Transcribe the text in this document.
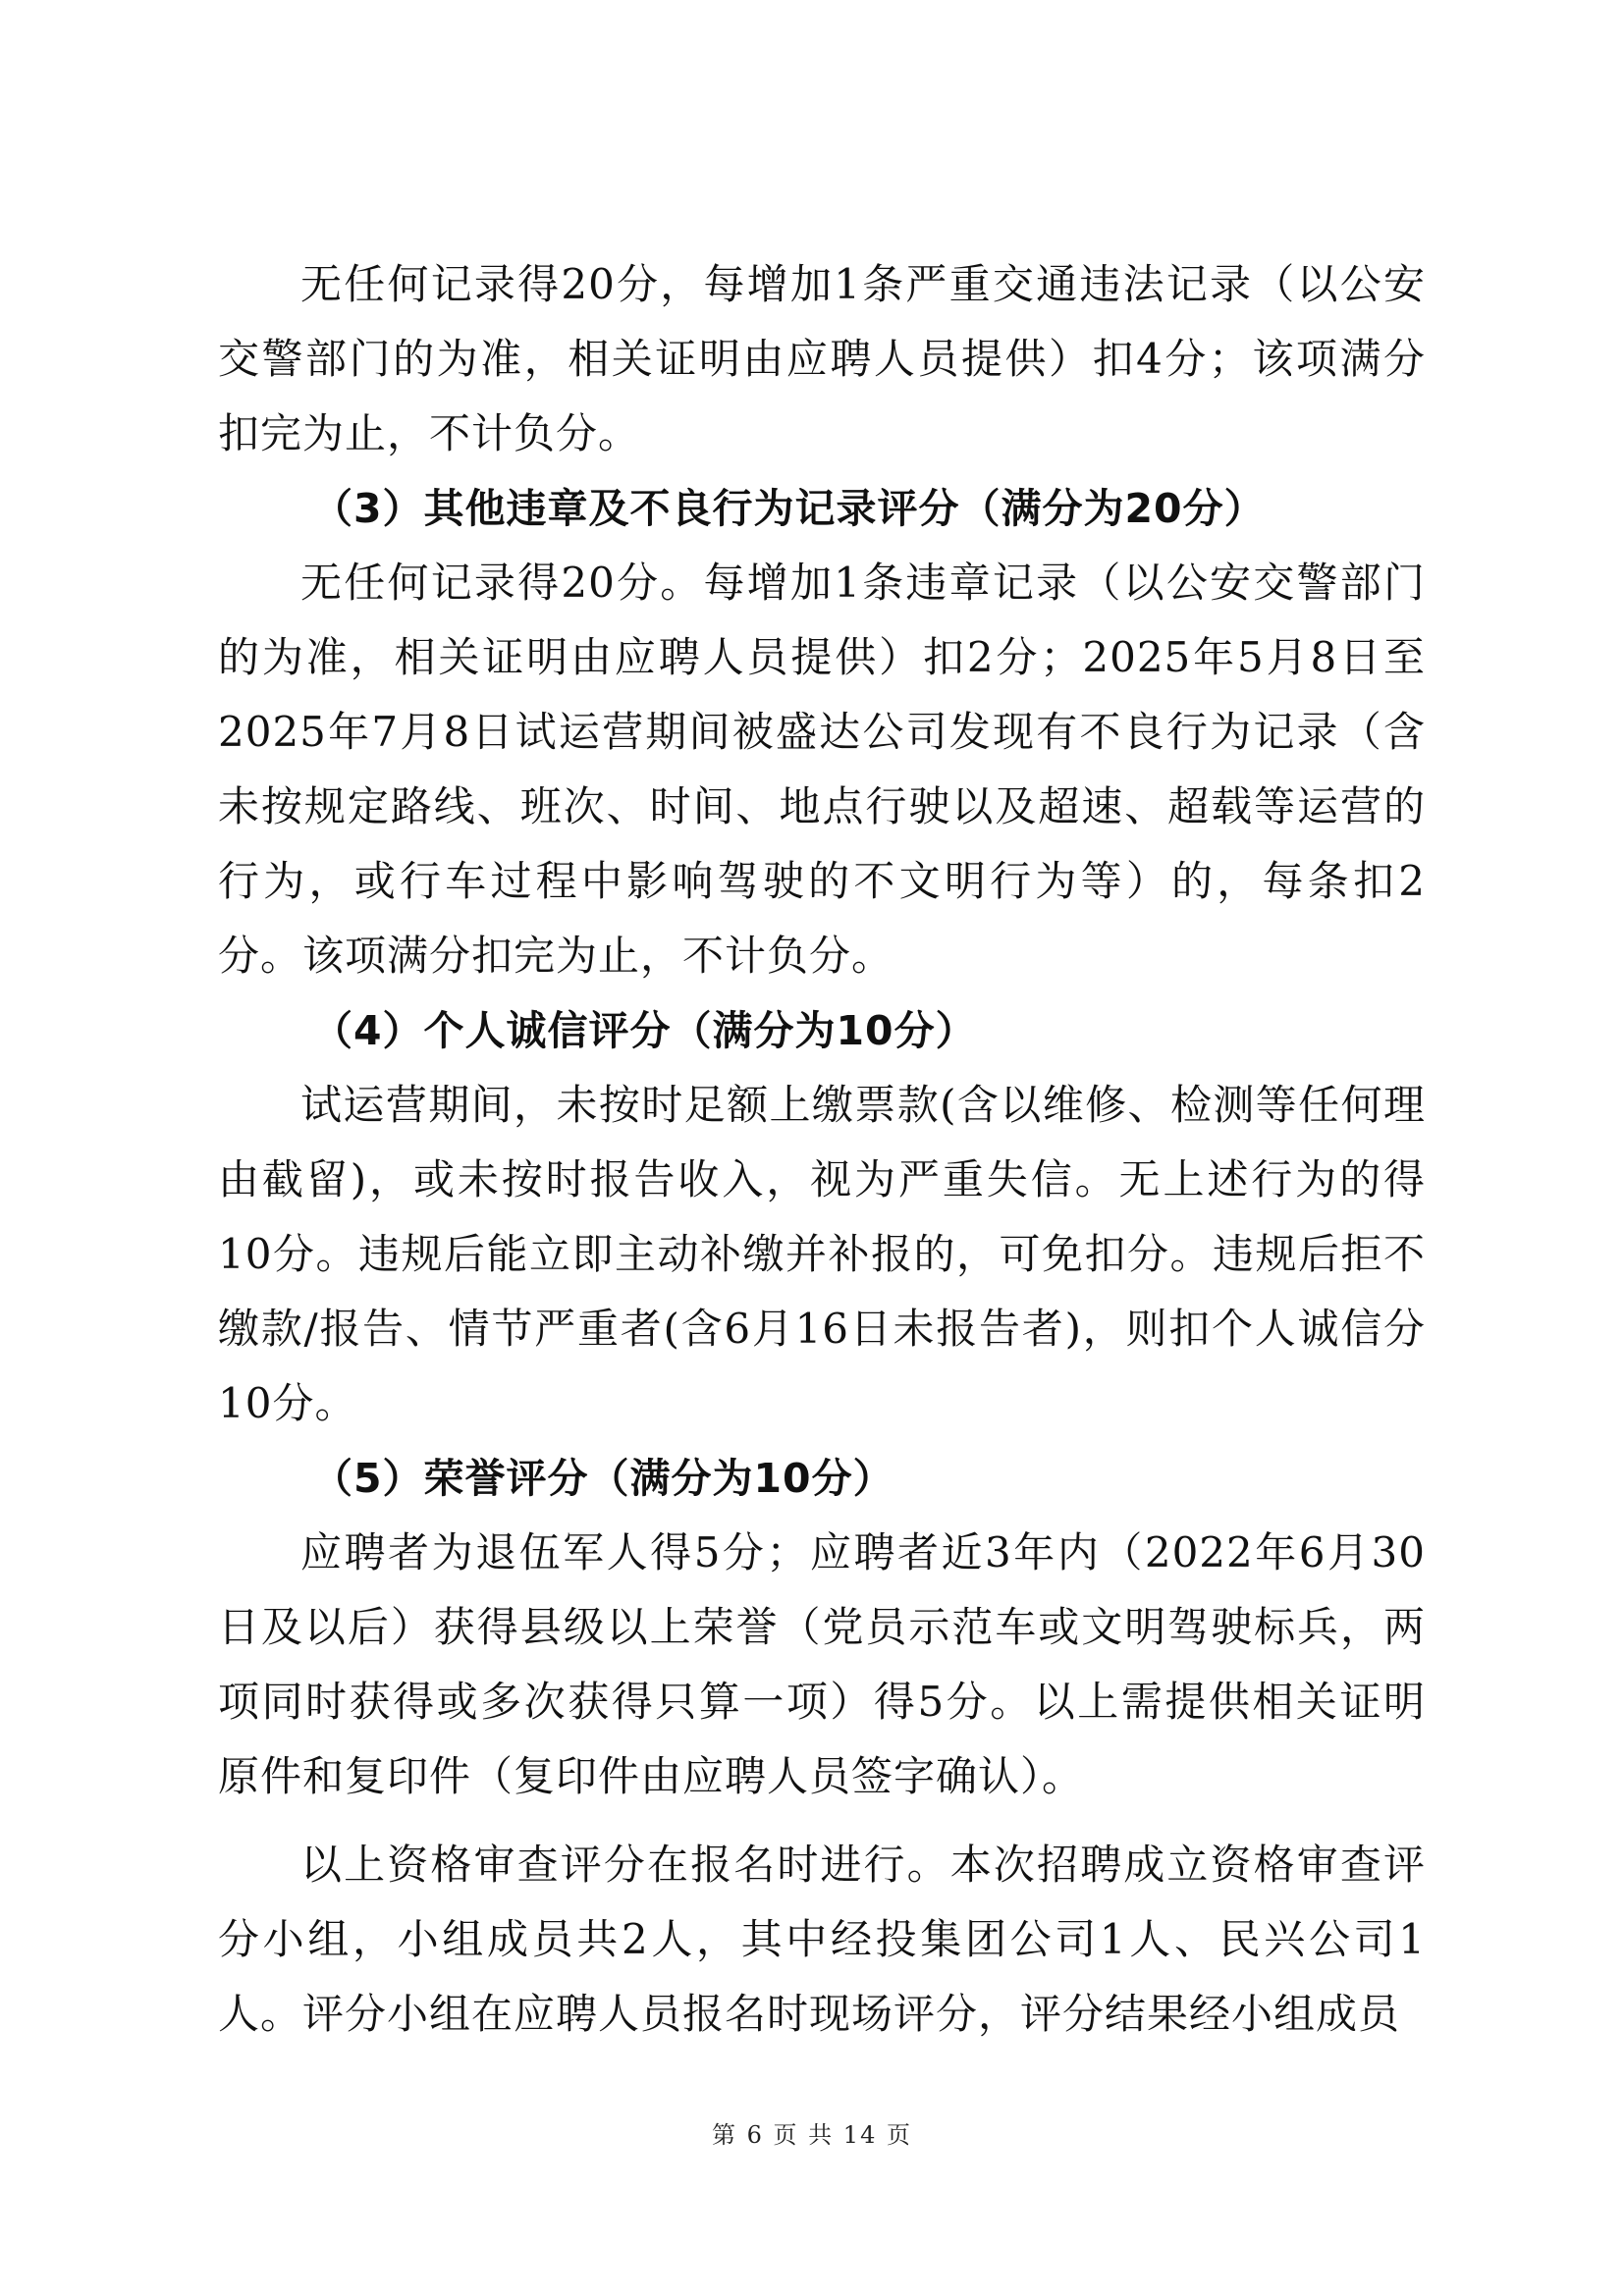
无任何记录得20分，每增加1条严重交通违法记录（以公安交警部门的为准，相关证明由应聘人员提供）扣4分；该项满分扣完为止，不计负分。

（3）其他违章及不良行为记录评分（满分为20分）

无任何记录得20分。每增加1条违章记录（以公安交警部门的为准，相关证明由应聘人员提供）扣2分；2025年5月8日至2025年7月8日试运营期间被盛达公司发现有不良行为记录（含未按规定路线、班次、时间、地点行驶以及超速、超载等运营的行为，或行车过程中影响驾驶的不文明行为等）的，每条扣2分。该项满分扣完为止，不计负分。

（4）个人诚信评分（满分为10分）

试运营期间，未按时足额上缴票款(含以维修、检测等任何理由截留)，或未按时报告收入，视为严重失信。无上述行为的得10分。违规后能立即主动补缴并补报的，可免扣分。违规后拒不缴款/报告、情节严重者(含6月16日未报告者)，则扣个人诚信分10分。

（5）荣誉评分（满分为10分）

应聘者为退伍军人得5分；应聘者近3年内（2022年6月30日及以后）获得县级以上荣誉（党员示范车或文明驾驶标兵，两项同时获得或多次获得只算一项）得5分。以上需提供相关证明原件和复印件（复印件由应聘人员签字确认）。

以上资格审查评分在报名时进行。本次招聘成立资格审查评分小组，小组成员共2人，其中经投集团公司1人、民兴公司1人。评分小组在应聘人员报名时现场评分，评分结果经小组成员

第 6 页 共 14 页
